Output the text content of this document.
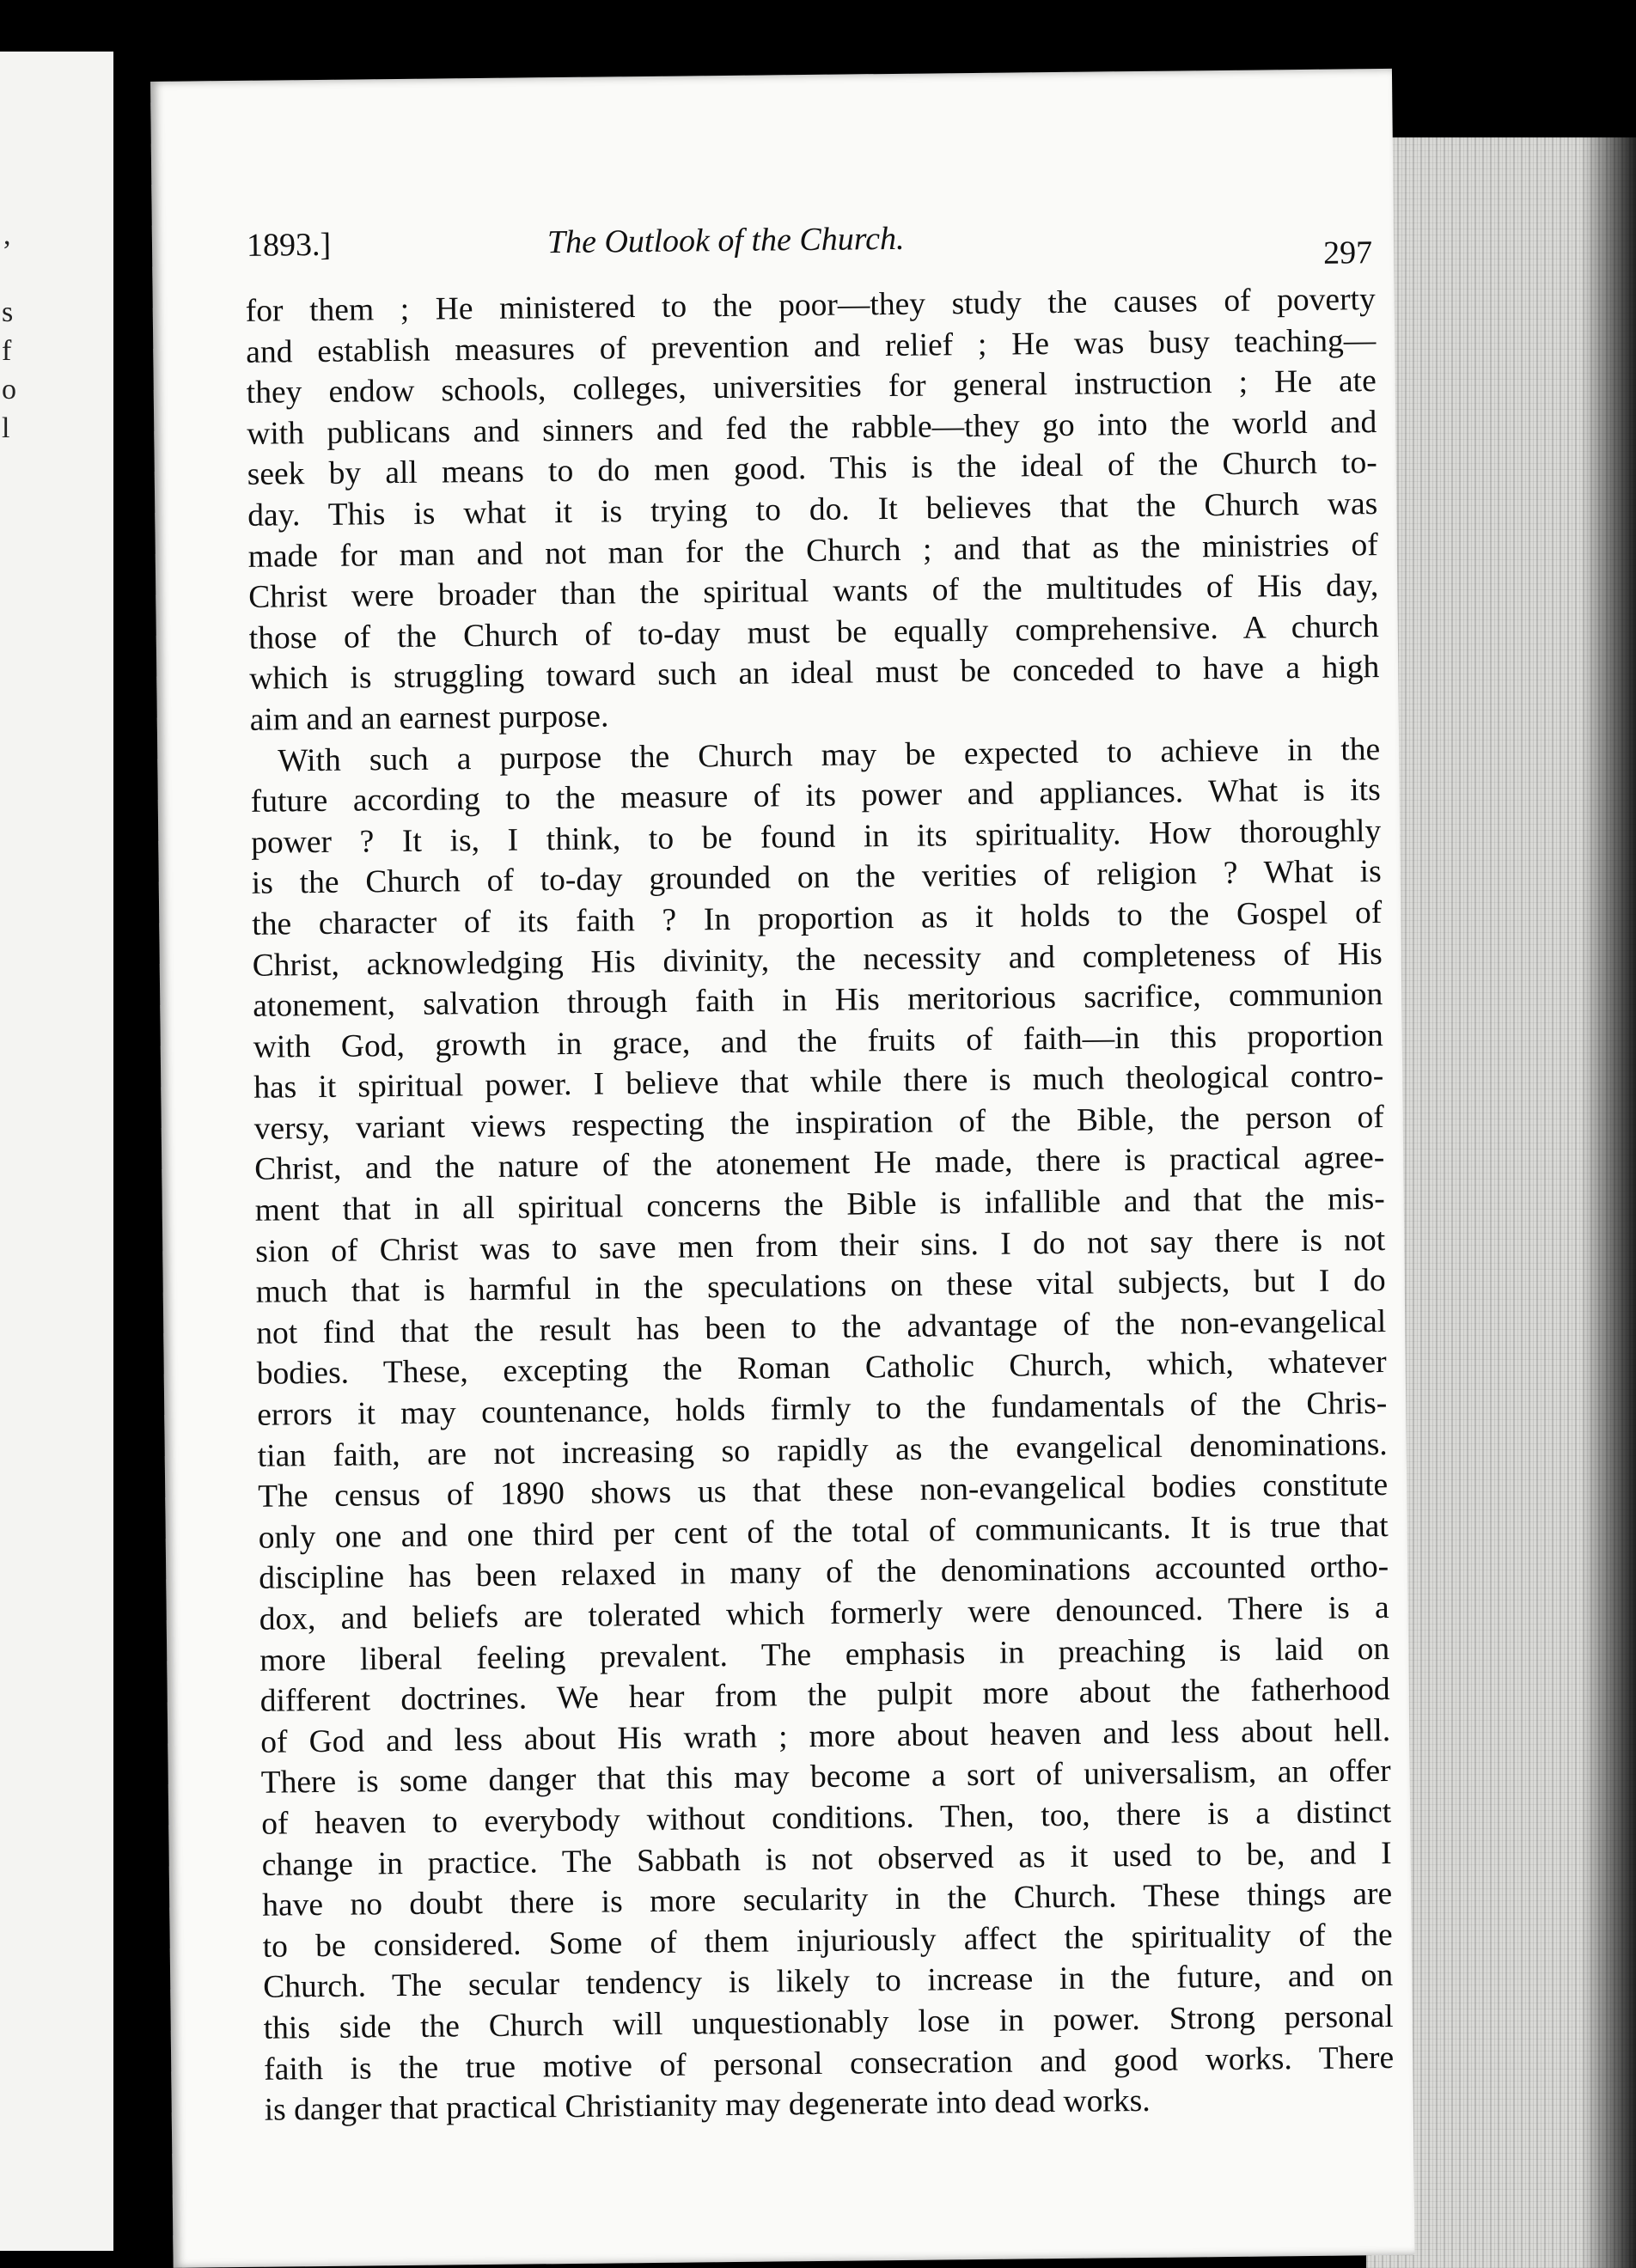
,
s
f
o
l
1893.]	The Outlook of the Church.	297
for them ; He ministered to the poor—they study the causes of poverty
and establish measures of prevention and relief ; He was busy teaching—
they endow schools, colleges, universities for general instruction ; He ate
with publicans and sinners and fed the rabble—they go into the world and
seek by all means to do men good. This is the ideal of the Church to-
day. This is what it is trying to do. It believes that the Church was
made for man and not man for the Church ; and that as the ministries of
Christ were broader than the spiritual wants of the multitudes of His day,
those of the Church of to-day must be equally comprehensive. A church
which is struggling toward such an ideal must be conceded to have a high
aim and an earnest purpose.
With such a purpose the Church may be expected to achieve in the
future according to the measure of its power and appliances. What is its
power ? It is, I think, to be found in its spirituality. How thoroughly
is the Church of to-day grounded on the verities of religion ? What is
the character of its faith ? In proportion as it holds to the Gospel of
Christ, acknowledging His divinity, the necessity and completeness of His
atonement, salvation through faith in His meritorious sacrifice, communion
with God, growth in grace, and the fruits of faith—in this proportion
has it spiritual power. I believe that while there is much theological contro-
versy, variant views respecting the inspiration of the Bible, the person of
Christ, and the nature of the atonement He made, there is practical agree-
ment that in all spiritual concerns the Bible is infallible and that the mis-
sion of Christ was to save men from their sins. I do not say there is not
much that is harmful in the speculations on these vital subjects, but I do
not find that the result has been to the advantage of the non-evangelical
bodies. These, excepting the Roman Catholic Church, which, whatever
errors it may countenance, holds firmly to the fundamentals of the Chris-
tian faith, are not increasing so rapidly as the evangelical denominations.
The census of 1890 shows us that these non-evangelical bodies constitute
only one and one third per cent of the total of communicants. It is true that
discipline has been relaxed in many of the denominations accounted ortho-
dox, and beliefs are tolerated which formerly were denounced. There is a
more liberal feeling prevalent. The emphasis in preaching is laid on
different doctrines. We hear from the pulpit more about the fatherhood
of God and less about His wrath ; more about heaven and less about hell.
There is some danger that this may become a sort of universalism, an offer
of heaven to everybody without conditions. Then, too, there is a distinct
change in practice. The Sabbath is not observed as it used to be, and I
have no doubt there is more secularity in the Church. These things are
to be considered. Some of them injuriously affect the spirituality of the
Church. The secular tendency is likely to increase in the future, and on
this side the Church will unquestionably lose in power. Strong personal
faith is the true motive of personal consecration and good works. There
is danger that practical Christianity may degenerate into dead works.
